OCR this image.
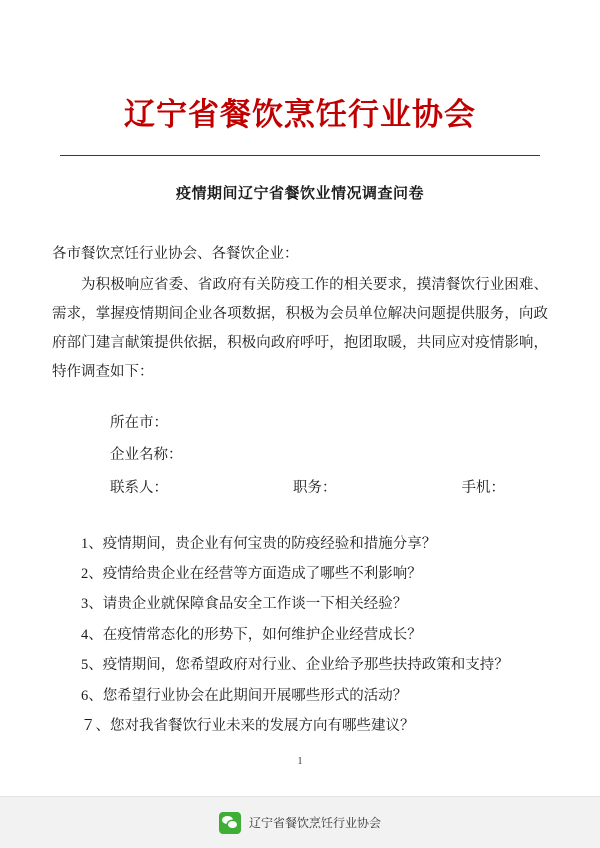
辽宁省餐饮烹饪行业协会
疫情期间辽宁省餐饮业情况调查问卷
各市餐饮烹饪行业协会、各餐饮企业：
为积极响应省委、省政府有关防疫工作的相关要求，摸清餐饮行业困难、需求，掌握疫情期间企业各项数据，积极为会员单位解决问题提供服务，向政府部门建言献策提供依据，积极向政府呼吁，抱团取暖，共同应对疫情影响，特作调查如下：
所在市：
企业名称：
联系人：	职务：	手机：
1、疫情期间，贵企业有何宝贵的防疫经验和措施分享？
2、疫情给贵企业在经营等方面造成了哪些不利影响？
3、请贵企业就保障食品安全工作谈一下相关经验？
4、在疫情常态化的形势下，如何维护企业经营成长？
5、疫情期间，您希望政府对行业、企业给予那些扶持政策和支持？
6、您希望行业协会在此期间开展哪些形式的活动？
７、您对我省餐饮行业未来的发展方向有哪些建议？
1
辽宁省餐饮烹饪行业协会
